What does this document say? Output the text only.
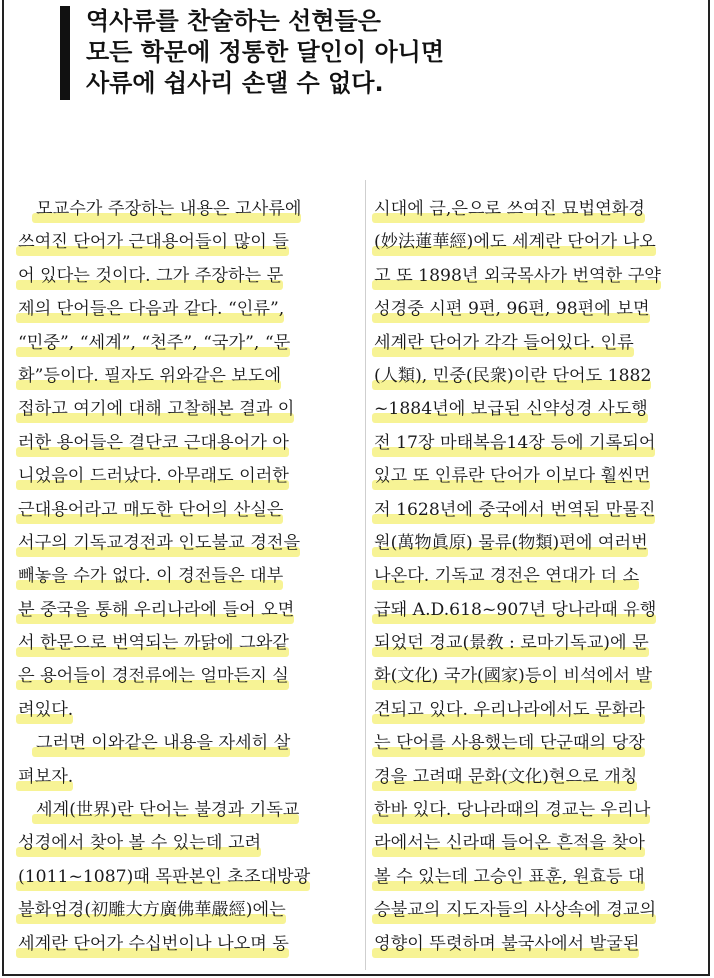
역사류를 찬술하는 선현들은
모든 학문에 정통한 달인이 아니면
사류에 쉽사리 손댈 수 없다.
모교수가 주장하는 내용은 고사류에
쓰여진 단어가 근대용어들이 많이 들
어 있다는 것이다. 그가 주장하는 문
제의 단어들은 다음과 같다. “인류”,
“민중”, “세계”, “천주”, “국가”, “문
화”등이다. 필자도 위와같은 보도에
접하고 여기에 대해 고찰해본 결과 이
러한 용어들은 결단코 근대용어가 아
니었음이 드러났다. 아무래도 이러한
근대용어라고 매도한 단어의 산실은
서구의 기독교경전과 인도불교 경전을
빼놓을 수가 없다. 이 경전들은 대부
분 중국을 통해 우리나라에 들어 오면
서 한문으로 번역되는 까닭에 그와같
은 용어들이 경전류에는 얼마든지 실
려있다.
그러면 이와같은 내용을 자세히 살
펴보자.
세계(世界)란 단어는 불경과 기독교
성경에서 찾아 볼 수 있는데 고려
(1011~1087)때 목판본인 초조대방광
불화엄경(初雕大方廣佛華嚴經)에는
세계란 단어가 수십번이나 나오며 동
시대에 금,은으로 쓰여진 묘법연화경
(妙法蓮華經)에도 세계란 단어가 나오
고 또 1898년 외국목사가 번역한 구약
성경중 시편 9편, 96편, 98편에 보면
세계란 단어가 각각 들어있다. 인류
(人類), 민중(民衆)이란 단어도 1882
~1884년에 보급된 신약성경 사도행
전 17장 마태복음14장 등에 기록되어
있고 또 인류란 단어가 이보다 훨씬먼
저 1628년에 중국에서 번역된 만물진
원(萬物眞原) 물류(物類)편에 여러번
나온다. 기독교 경전은 연대가 더 소
급돼 A.D.618~907년 당나라때 유행
되었던 경교(景敎 : 로마기독교)에 문
화(文化) 국가(國家)등이 비석에서 발
견되고 있다. 우리나라에서도 문화라
는 단어를 사용했는데 단군때의 당장
경을 고려때 문화(文化)현으로 개칭
한바 있다. 당나라때의 경교는 우리나
라에서는 신라때 들어온 흔적을 찾아
볼 수 있는데 고승인 표훈, 원효등 대
승불교의 지도자들의 사상속에 경교의
영향이 뚜렷하며 불국사에서 발굴된
